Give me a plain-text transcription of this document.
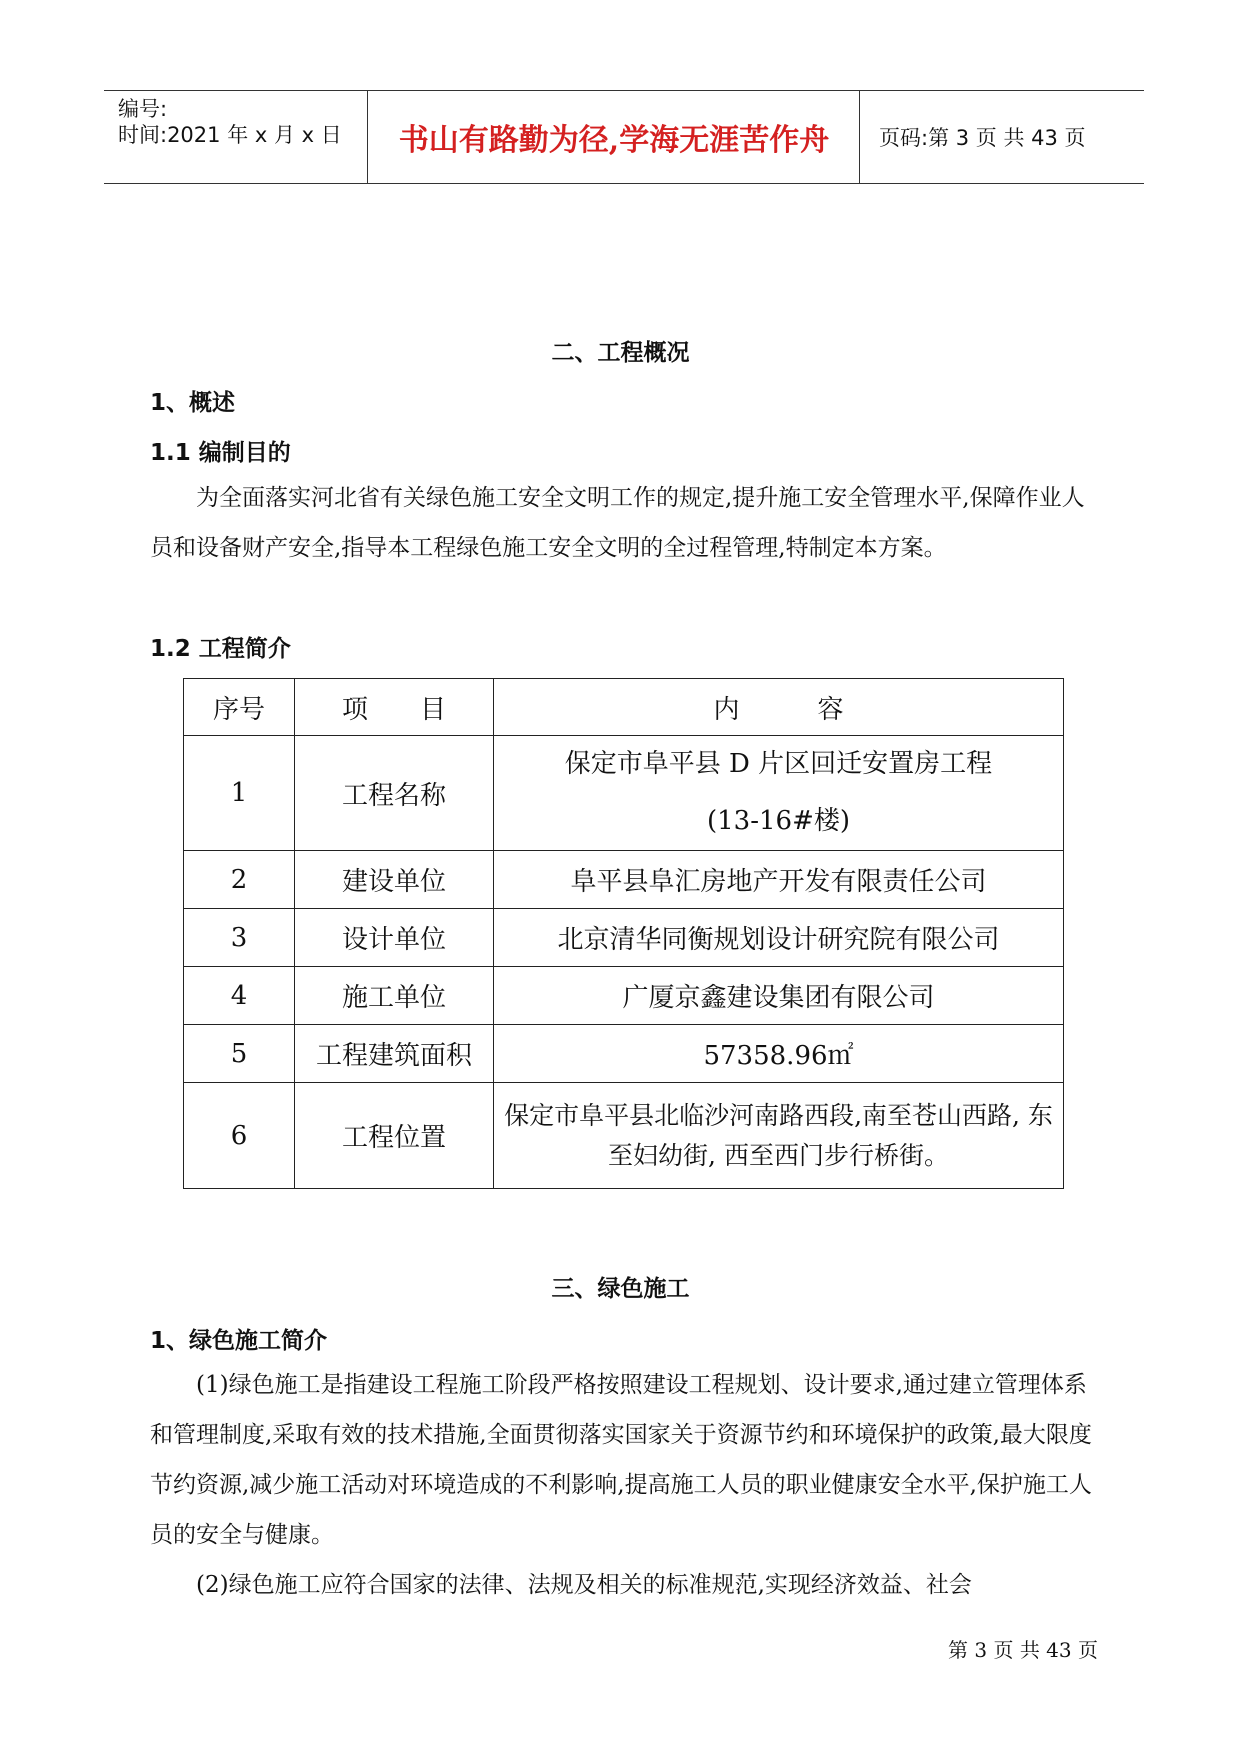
编号:
时间:2021 年 x 月 x 日	书山有路勤为径,学海无涯苦作舟	页码:第 3 页 共 43 页
二、工程概况
1、概述
1.1 编制目的

为全面落实河北省有关绿色施工安全文明工作的规定,提升施工安全管理水平,保障作业人员和设备财产安全,指导本工程绿色施工安全文明的全过程管理,特制定本方案。

1.2 工程简介
序号	项　　目	内　　　容
1	工程名称	保定市阜平县 D 片区回迁安置房工程
(13-16#楼)

2	建设单位	阜平县阜汇房地产开发有限责任公司
3	设计单位	北京清华同衡规划设计研究院有限公司
4	施工单位	广厦京鑫建设集团有限公司
5	工程建筑面积	57358.96㎡
6	工程位置	保定市阜平县北临沙河南路西段,南至苍山西路, 东至妇幼街, 西至西门步行桥街。
三、绿色施工
1、绿色施工简介

(1)绿色施工是指建设工程施工阶段严格按照建设工程规划、设计要求,通过建立管理体系和管理制度,采取有效的技术措施,全面贯彻落实国家关于资源节约和环境保护的政策,最大限度节约资源,减少施工活动对环境造成的不利影响,提高施工人员的职业健康安全水平,保护施工人员的安全与健康。

(2)绿色施工应符合国家的法律、法规及相关的标准规范,实现经济效益、社会

第 3 页 共 43 页
